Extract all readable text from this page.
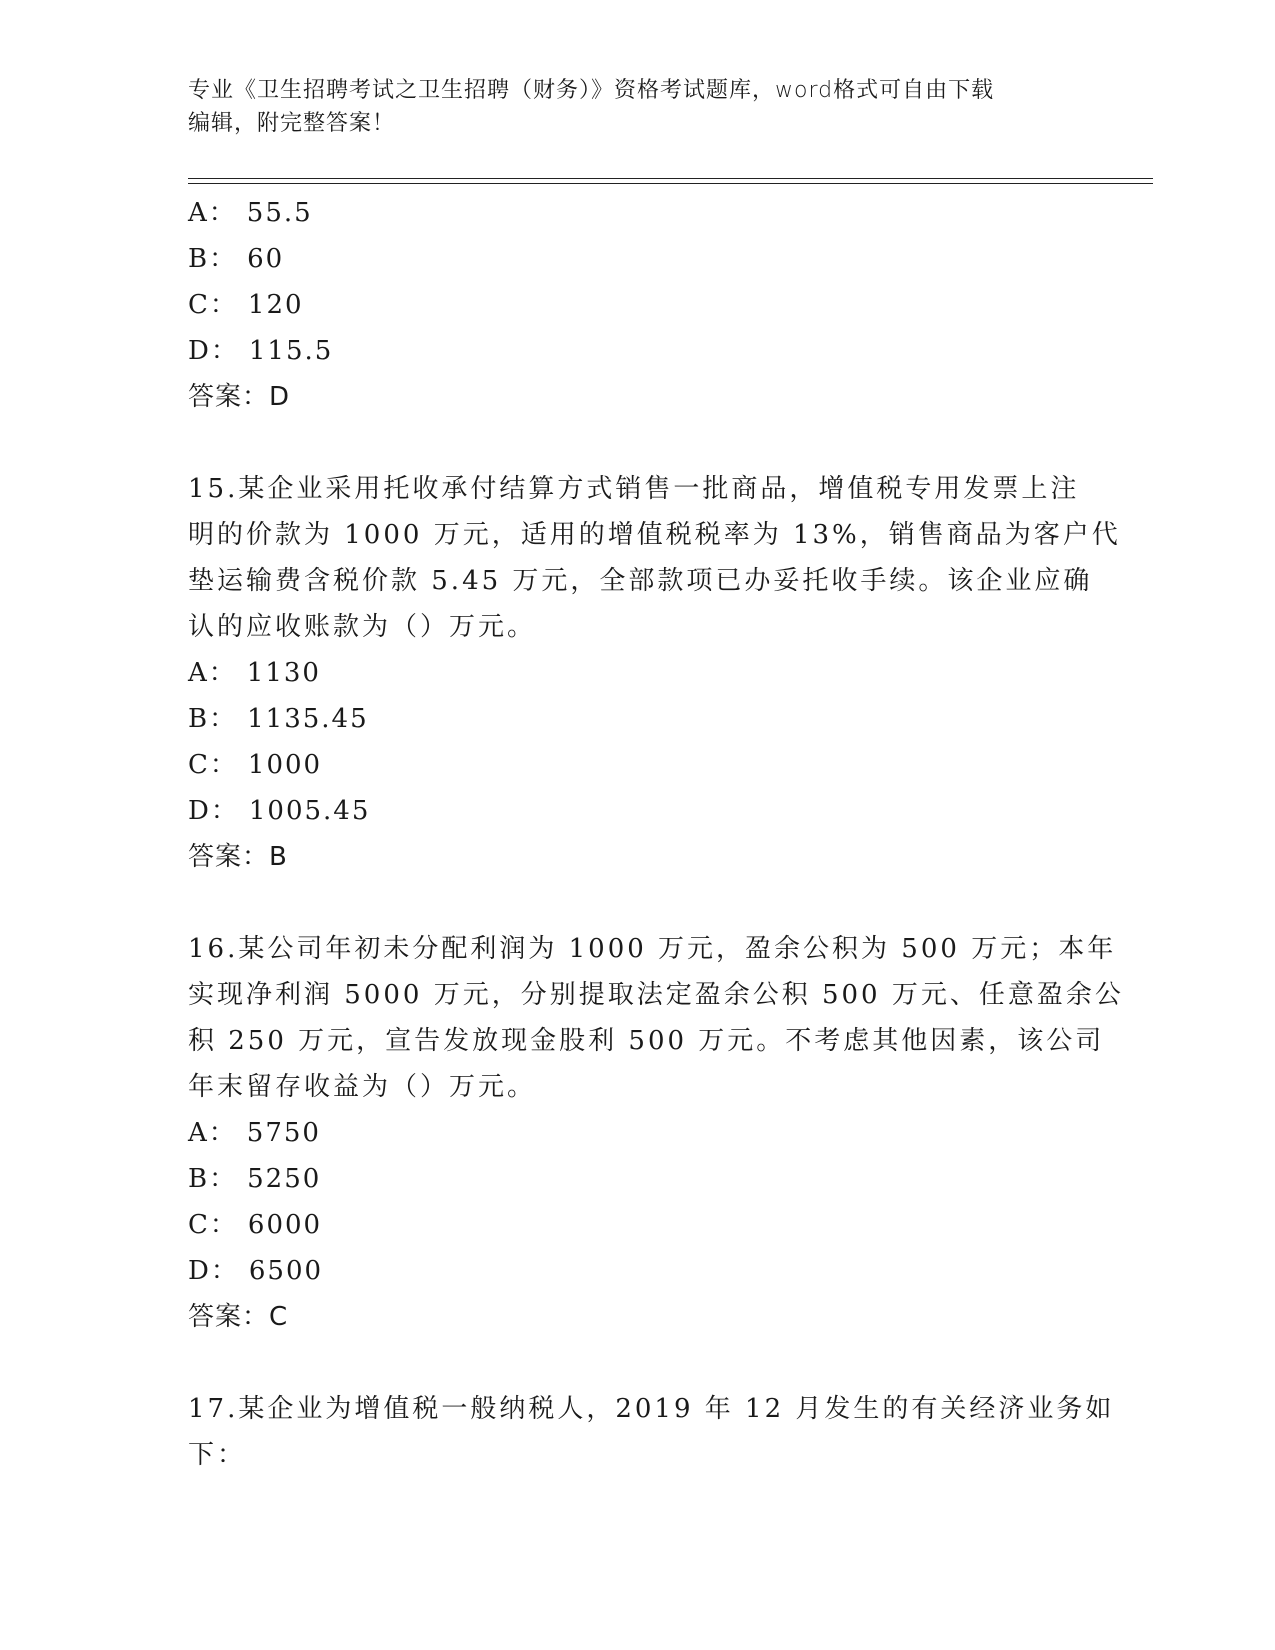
专业《卫生招聘考试之卫生招聘（财务）》资格考试题库，word格式可自由下载
编辑，附完整答案！
A： 55.5
B： 60
C： 120
D： 115.5
答案：D
15.某企业采用托收承付结算方式销售一批商品，增值税专用发票上注
明的价款为 1000 万元，适用的增值税税率为 13%，销售商品为客户代
垫运输费含税价款 5.45 万元，全部款项已办妥托收手续。该企业应确
认的应收账款为（）万元。
A： 1130
B： 1135.45
C： 1000
D： 1005.45
答案：B
16.某公司年初未分配利润为 1000 万元，盈余公积为 500 万元；本年
实现净利润 5000 万元，分别提取法定盈余公积 500 万元、任意盈余公
积 250 万元，宣告发放现金股利 500 万元。不考虑其他因素，该公司
年末留存收益为（）万元。
A： 5750
B： 5250
C： 6000
D： 6500
答案：C
17.某企业为增值税一般纳税人，2019 年 12 月发生的有关经济业务如
下：
